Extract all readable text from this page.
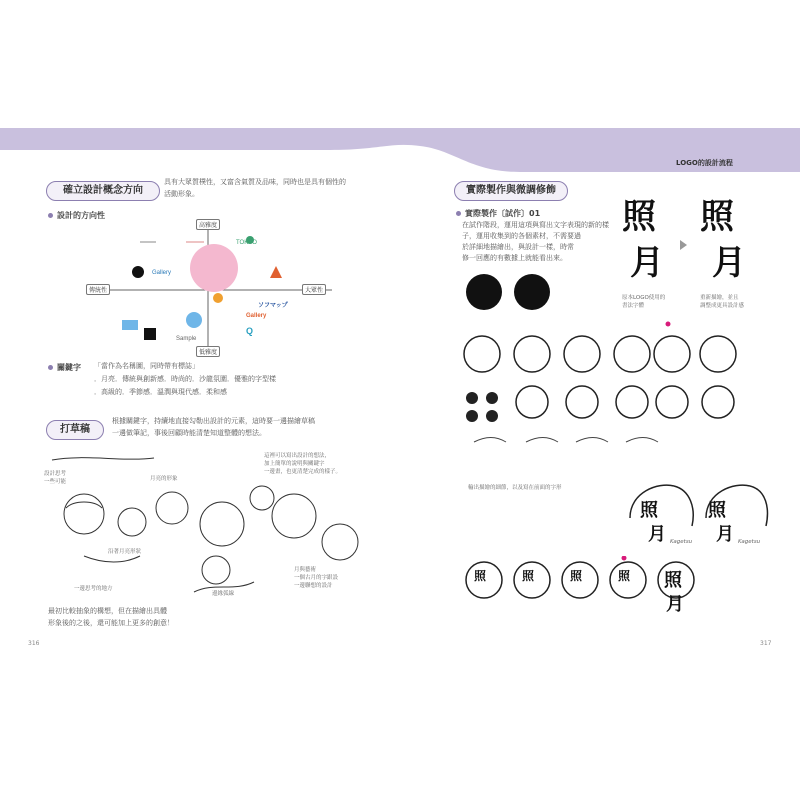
LOGO的設計流程
確立設計概念方向
具有大眾質樸性，又富含氣質及品味，同時也是具有個性的
活動形象。
設計的方向性
高雅度
低雅度
傳統性	大眾性
Gallery
ソフマップ
Gallery
Q
TOKYO
Sample
關鍵字 「當作為名稱圖，同時帶有標誌」
．月亮．傳統與創新感．時尚的．沙龍氛圍．優雅的字型樣
．高級的．季節感．溫潤與現代感．柔和感
打草稿
根據關鍵字，持續地直接勾勒出設計的元素，這時要一邊描繪草稿
一邊做筆記，事後回顧時能清楚知道整體的想法。
月亮的形象
一邊思考的地方
沿著月亮形狀
邊緣弧線
這裡可以寫出設計的想法，
加上簡單的說明與關鍵字
一邊畫，也更清楚完成的樣子。
月與藝術
一個古月的字跟設
一邊聯想的設計
設計思考
一些可能
最初比較抽象的構想，但在描繪出具體
形象後的之後，還可能加上更多的創意！
316
實際製作與微調修飾
實際製作〔試作〕01
在試作階段，運用這項與寫出文字表現的新的樣
子，運用收集到的各個素材，不需要過
於詳細地描繪出，與設計一樣，時常
修一回應的有數據上就能看出來。
照
月
照
月
原本LOGO使用的
書法字體
重新描繪，並且
調整成更具設計感
輸出描繪的細節，以及寫在前面的字形
照
月
照
月
Kagetsu	Kagetsu
照	照	照	照 照
月
317
